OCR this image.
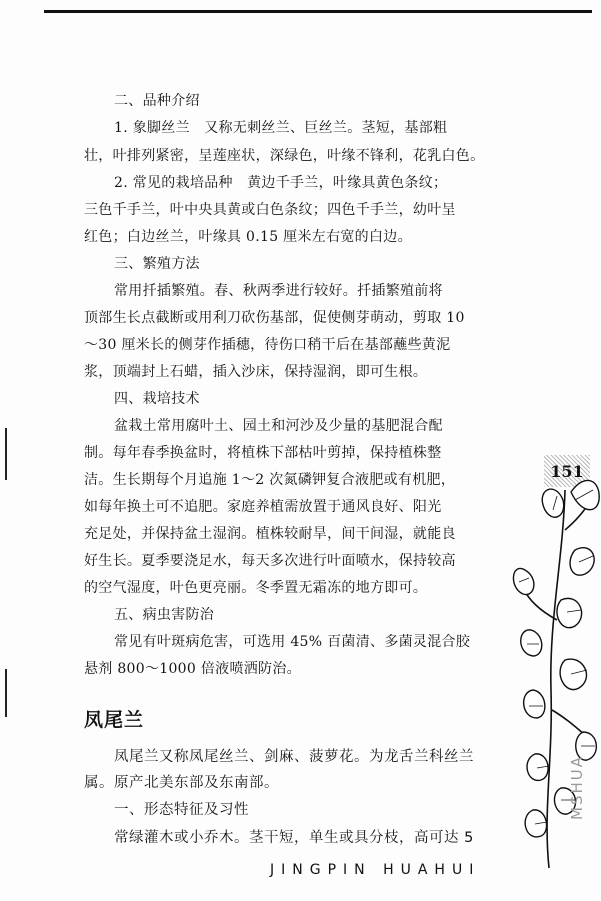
二、品种介绍
1. 象脚丝兰　又称无刺丝兰、巨丝兰。茎短，基部粗
壮，叶排列紧密，呈莲座状，深绿色，叶缘不锋利，花乳白色。
2. 常见的栽培品种　黄边千手兰，叶缘具黄色条纹；
三色千手兰，叶中央具黄或白色条纹；四色千手兰，幼叶呈
红色；白边丝兰，叶缘具 0.15 厘米左右宽的白边。
三、繁殖方法
常用扦插繁殖。春、秋两季进行较好。扦插繁殖前将
顶部生长点截断或用利刀砍伤基部，促使侧芽萌动，剪取 10
～30 厘米长的侧芽作插穗，待伤口稍干后在基部蘸些黄泥
浆，顶端封上石蜡，插入沙床，保持湿润，即可生根。
四、栽培技术
盆栽土常用腐叶土、园土和河沙及少量的基肥混合配
制。每年春季换盆时，将植株下部枯叶剪掉，保持植株整
洁。生长期每个月追施 1～2 次氮磷钾复合液肥或有机肥，
如每年换土可不追肥。家庭养植需放置于通风良好、阳光
充足处，并保持盆土湿润。植株较耐旱，间干间湿，就能良
好生长。夏季要浇足水，每天多次进行叶面喷水，保持较高
的空气湿度，叶色更亮丽。冬季置无霜冻的地方即可。
五、病虫害防治
常见有叶斑病危害，可选用 45% 百菌清、多菌灵混合胶
悬剂 800～1000 倍液喷洒防治。
凤尾兰
凤尾兰又称凤尾丝兰、剑麻、菠萝花。为龙舌兰科丝兰
属。原产北美东部及东南部。
一、形态特征及习性
常绿灌木或小乔木。茎干短，单生或具分枝，高可达 5
151
JINGPIN HUAHUI
MSHUA
